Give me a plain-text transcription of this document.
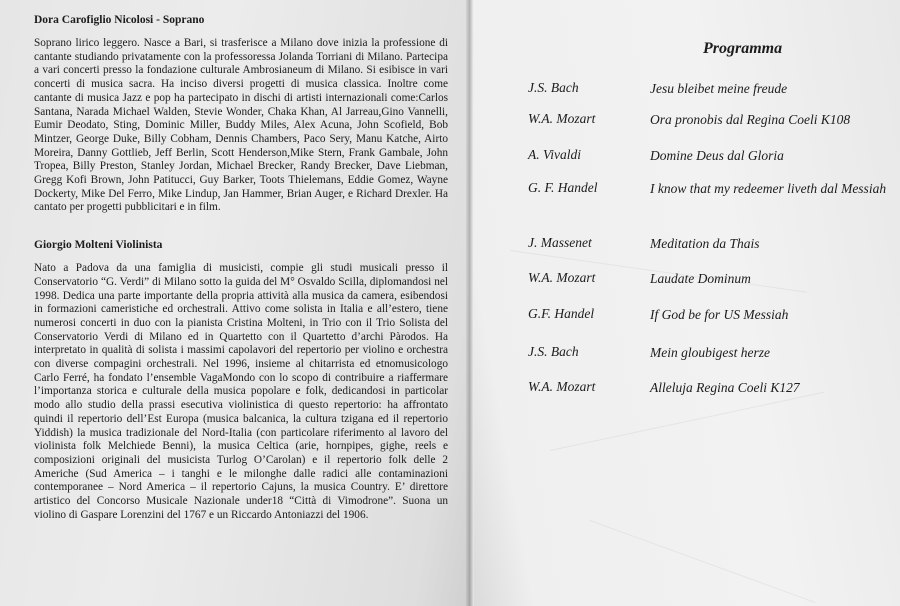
Dora Carofiglio Nicolosi - Soprano

Soprano lirico leggero. Nasce a Bari, si trasferisce a Milano dove inizia la professione di cantante studiando privatamente con la professoressa Jolanda Torriani di Milano. Partecipa a vari concerti presso la fondazione culturale Ambrosianeum di Milano. Si esibisce in vari concerti di musica sacra. Ha inciso diversi progetti di musica classica. Inoltre come cantante di musica Jazz e pop ha partecipato in dischi di artisti internazionali come:Carlos Santana, Narada Michael Walden, Stevie Wonder, Chaka Khan, Al Jarreau,Gino Vannelli, Eumir Deodato, Sting, Dominic Miller, Buddy Miles, Alex Acuna, John Scofield, Bob Mintzer, George Duke, Billy Cobham, Dennis Chambers, Paco Sery, Manu Katche, Airto Moreira, Danny Gottlieb, Jeff Berlin, Scott Henderson,Mike Stern, Frank Gambale, John Tropea, Billy Preston, Stanley Jordan, Michael Brecker, Randy Brecker, Dave Liebman, Gregg Kofi Brown, John Patitucci, Guy Barker, Toots Thielemans, Eddie Gomez, Wayne Dockerty, Mike Del Ferro, Mike Lindup, Jan Hammer, Brian Auger, e Richard Drexler. Ha cantato per progetti pubblicitari e in film.

Giorgio Molteni Violinista

Nato a Padova da una famiglia di musicisti, compie gli studi musicali presso il Conservatorio “G. Verdi” di Milano sotto la guida del M° Osvaldo Scilla, diplomandosi nel 1998. Dedica una parte importante della propria attività alla musica da camera, esibendosi in formazioni cameristiche ed orchestrali. Attivo come solista in Italia e all’estero, tiene numerosi concerti in duo con la pianista Cristina Molteni, in Trio con il Trio Solista del Conservatorio Verdi di Milano ed in Quartetto con il Quartetto d’archi Pàrodos. Ha interpretato in qualità di solista i massimi capolavori del repertorio per violino e orchestra con diverse compagini orchestrali. Nel 1996, insieme al chitarrista ed etnomusicologo Carlo Ferré, ha fondato l’ensemble VagaMondo con lo scopo di contribuire a riaffermare l’importanza storica e culturale della musica popolare e folk, dedicandosi in particolar modo allo studio della prassi esecutiva violinistica di questo repertorio: ha affrontato quindi il repertorio dell’Est Europa (musica balcanica, la cultura tzigana ed il repertorio Yiddish) la musica tradizionale del Nord-Italia (con particolare riferimento al lavoro del violinista folk Melchiede Benni), la musica Celtica (arie, hornpipes, gighe, reels e composizioni originali del musicista Turlog O’Carolan) e il repertorio folk delle 2 Americhe (Sud America – i tanghi e le milonghe dalle radici alle contaminazioni contemporanee – Nord America – il repertorio Cajuns, la musica Country. E’ direttore artistico del Concorso Musicale Nazionale under18 “Città di Vimodrone”. Suona un violino di Gaspare Lorenzini del 1767 e un Riccardo Antoniazzi del 1906.

Programma
J.S. Bach	Jesu bleibet meine freude
W.A. Mozart	Ora pronobis dal Regina Coeli K108
A. Vivaldi	Domine Deus dal Gloria
G. F. Handel	I know that my redeemer liveth dal Messiah
J. Massenet	Meditation da Thais
W.A. Mozart	Laudate Dominum
G.F. Handel	If God be for US Messiah
J.S. Bach	Mein gloubigest herze
W.A. Mozart	Alleluja Regina Coeli K127
